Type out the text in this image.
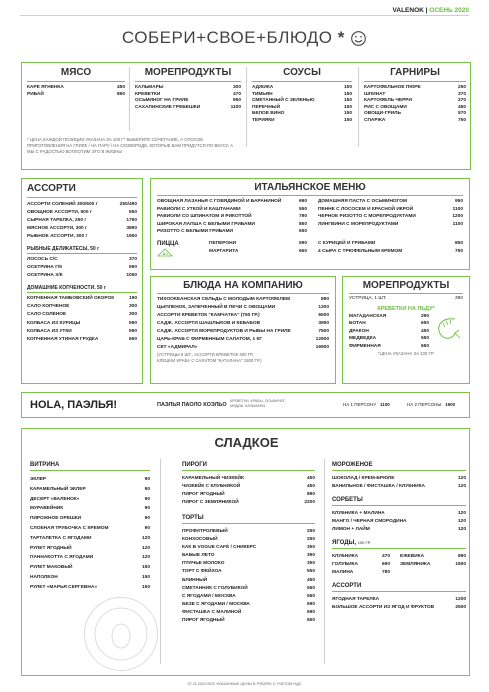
VALENOK | ОСЕНЬ 2020
СОБЕРИ+СВОЕ+БЛЮДО *
МЯСО
КАРЕ ЯГНЕНКА	450
РИБАЙ	890
МОРЕПРОДУКТЫ
КАЛЬМАРЫ	300
КРЕВЕТКИ	470
ОСЬМИНОГ НА ГРИЛЕ	950
САХАЛИНСКИЕ ГРЕБЕШКИ	1100
СОУСЫ
АДЖИКА	150
ТИМЬЯН	150
СМЕТАННЫЙ С ЗЕЛЕНЬЮ	150
ПЕРЕЧНЫЙ	150
БЕЛОЕ ВИНО	150
ТЕРИЯКИ	150
ГАРНИРЫ
КАРТОФЕЛЬНОЕ ПЮРЕ	250
ШПИНАТ	370
КАРТОФЕЛЬ ЧЕРРИ	270
РИС С ОВОЩАМИ	450
ОВОЩИ-ГРИЛЬ	570
СПАРЖА	750
* ЦЕНА КАЖДОЙ ПОЗИЦИИ УКАЗАНА ЗА 100 Г* ВЫБЕРИТЕ СОЧЕТАНИЕ, А СПОСОБ ПРИГОТОВЛЕНИЯ НА ГРИЛЕ / НА ПАРУ / НА СКОВОРОДЕ, КОТОРЫЕ ВАМ ПРИДУТСЯ ПО ВКУСУ. А МЫ С РАДОСТЬЮ ВОПЛОТИМ ЭТО В ЖИЗНЬ!
АССОРТИ
АССОРТИ СОЛЕНИЙ 300/600 г	250/490
ОВОЩНОЕ АССОРТИ, 500 г	650
СЫРНАЯ ТАРЕЛКА, 250 г	1790
МЯСНОЕ АССОРТИ, 300 г	3890
РЫБНОЕ АССОРТИ, 300 г	1950
РЫБНЫЕ ДЕЛИКАТЕСЫ, 50 г
ЛОСОСЬ С/С	370
ОСЕТРИНА Г/К	690
ОСЕТРИНА Х/К	1050
ДОМАШНИЕ КОПЧЕНОСТИ, 50 г
КОПЧЕННАЯ ТАМБОВСКИЙ ОКОРОК	190
САЛО КОПЧЕНОЕ	300
САЛО СОЛЕНОЕ	300
КОЛБАСА ИЗ КУРИЦЫ	590
КОЛБАСА ИЗ УТКИ	590
КОПЧЕННАЯ УТИНАЯ ГРУДКА	650
ИТАЛЬЯНСКОЕ МЕНЮ
ОВОЩНАЯ ЛАЗАНЬЯ С ГОВЯДИНОЙ И БАРАНИНОЙ	690
РАВИОЛИ С УТКОЙ И КАШТАНАМИ	550
РАВИОЛИ СО ШПИНАТОМ И РИКОТТОЙ	790
ШИРОКАЯ ЛАПША С БЕЛЫМИ ГРИБАМИ	850
РИЗОТТО С БЕЛЫМИ ГРИБАМИ	650
ДОМАШНЯЯ ПАСТА С ОСЬМИНОГОМ	950
ПЕННЕ С ЛОСОСЕМ И КРАСНОЙ ИКРОЙ	1100
ЧЕРНОЕ РИЗОТТО С МОРЕПРОДУКТАМИ	1200
ЛИНГВИНИ С МОРЕПРОДУКТАМИ	1100
ПИЦЦА	ПЕПЕРОНИ	590
МАРГАРИТА	650
С КУРИЦЕЙ И ГРИБАМИ	850
4 СЫРА С ТРЮФЕЛЬНЫМ КРЕМОМ	750
БЛЮДА НА КОМПАНИЮ
ТИХООКЕАНСКАЯ СЕЛЬДЬ С МОЛОДЫМ КАРТОФЕЛЕМ	890
ЦЫПЛЕНОК, ЗАПЕЧЕННЫЙ В ПЕЧИ С ОВОЩАМИ	1300
АССОРТИ КРЕВЕТОК "КАМЧАТКА" (750 ГР.)	6500
САДЖ. АССОРТИ ШАШЛЫКОВ И КЕБАБОВ	3950
САДЖ. АССОРТИ МОРЕПРОДУКТОВ И РЫБЫ НА ГРИЛЕ	7500
ЦАРЬ-КРАБ С ФИРМЕННЫМ САЛАТОМ, 1 КГ	12900
СЕТ «АДМИРАЛ»	16900
(УСТРИЦЫ 8 ШТ., АССОРТИ КРЕВЕТОК 400 ГР.,
КЛЕШНИ КРАБА С САЛАТОМ "КАТАЛАНА" 1500 ГР.)
МОРЕПРОДУКТЫ
УСТРИЦА, 1 ШТ.	390
КРЕВЕТКИ НА ЛЬДУ*
МАГАДАНСКАЯ	290
БОТАН	650
ДРАКОН	450
МЕДВЕДКА	550
ФИРМЕННАЯ	650
*ЦЕНА УКАЗАНА ЗА 100 ГР.
HOLA, ПАЭЛЬЯ!	ПАЭЛЬЯ ПАОЛО КОЭЛЬО
КРЕВЕТКИ, КРАБЫ, ОСЬМИНОГ,
МИДИИ, КАЛЬМАРЫ	НА 1 ПЕРСОНУ 1100	НА 2 ПЕРСОНЫ 1900
СЛАДКОЕ
ВИТРИНА
ЭКЛЕР	90
КАРАМЕЛЬНЫЙ ЭКЛЕР	90
ДЕСЕРТ «ВАЛЕНОК»	90
МУРАВЕЙНИК	90
ПИРОЖНОЕ ОРЕШКИ	90
СЛОЕНАЯ ТРУБОЧКА С КРЕМОМ	90
ТАРТАЛЕТКА С ЯГОДАМИ	120
РУЛЕТ ЯГОДНЫЙ	120
ПАННАКОТТА С ЯГОДАМИ	120
РУЛЕТ МАКОВЫЙ	150
НАПОЛЕОН	150
РУЛЕТ «МАРЬЯ СЕРГЕВНА»	150
ПИРОГИ
КАРАМЕЛЬНЫЙ ЧИЗКЕЙК	450
ЧИЗКЕЙК С КЛУБНИКОЙ	450
ПИРОГ ЯГОДНЫЙ	890
ПИРОГ С ЗЕМЛЯНИКОЙ	2200
ТОРТЫ
ПРОФИТРОЛЕВЫЙ	250
КОНХОСОВЫЙ	250
КАК В VOGUE CAFÉ / СНИКЕРС	350
БАБЫЕ ЛЕТО	390
ПТИЧЬЕ МОЛОКО	350
ТОРТ С ФЕЙХОА	550
БЛИННЫЙ	450
СМЕТАННИК С ГОЛУБИКОЙ	550
С ЯГОДАМИ / МОСКВА	550
БЕЗЕ С ЯГОДАМИ / МОСКВА	690
ФИСТАШКА С МАЛИНОЙ	690
ПИРОГ ЯГОДНЫЙ	650
МОРОЖЕНОЕ
ШОКОЛАД / КРЕМ-БРЮЛЕ	120
ВАНИЛЬНОЕ / ФИСТАШКА / КЛУБНИКА	120
СОРБЕТЫ
КЛУБНИКА + МАЛИНА	120
МАНГО / ЧЕРНАЯ СМОРОДИНА	120
ЛИМОН + ЛАЙМ	120
ЯГОДЫ, 100 ГР.
КЛУБНИКА	470
ГОЛУБИКА	690
МАЛИНА	780
ЕЖЕВИКА	890
ЗЕМЛЯНИКА	1900
АССОРТИ
ЯГОДНАЯ ТАРЕЛКА	1200
БОЛЬШОЕ АССОРТИ ИЗ ЯГОД И ФРУКТОВ	2500
07.11.2020 ВСЕ УКАЗАННЫЕ ЦЕНЫ В РУБЛЯХ С УЧЕТОМ НДС
